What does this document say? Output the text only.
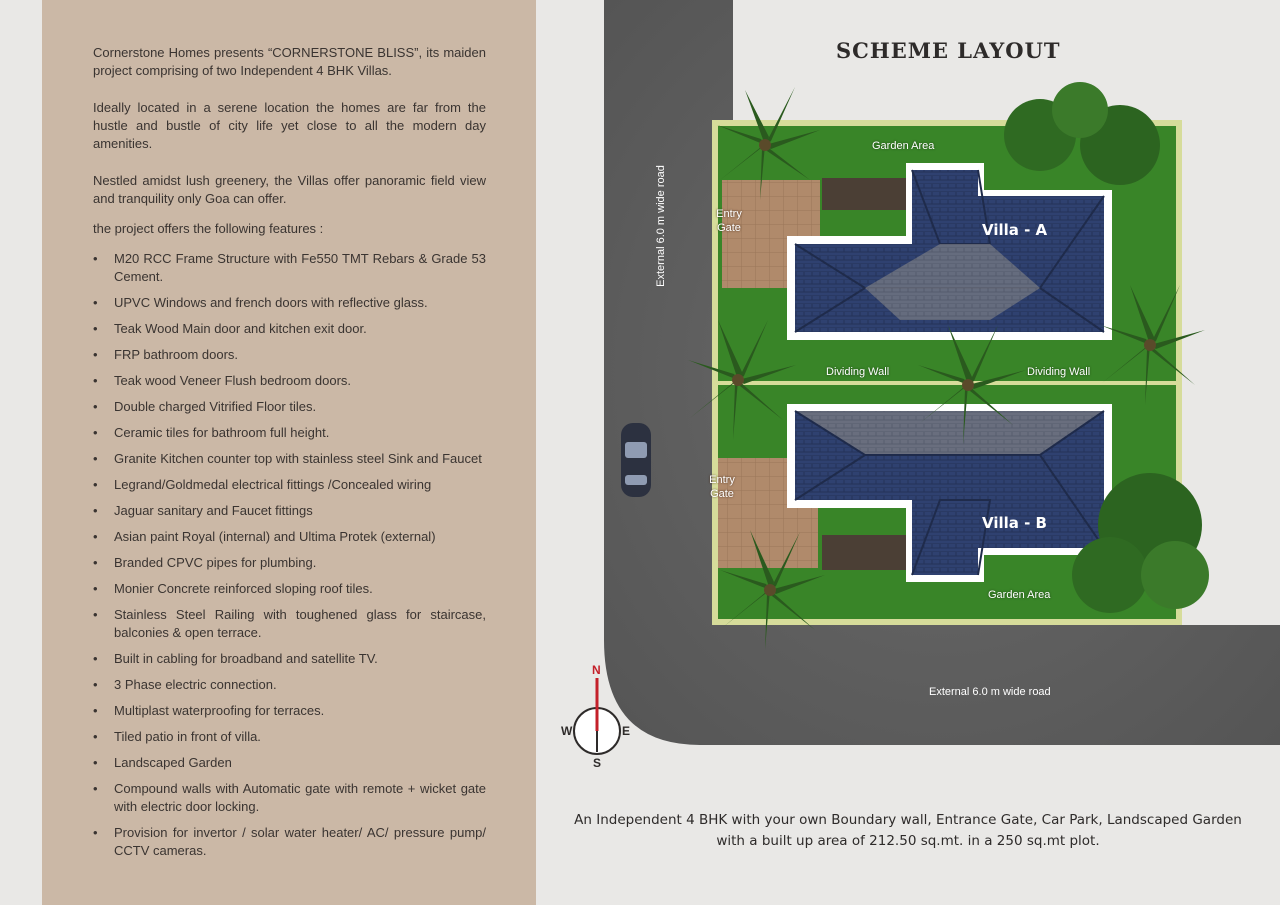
Cornerstone Homes presents “CORNERSTONE BLISS”, its maiden project comprising of two Independent 4 BHK Villas.

Ideally located in a serene location the homes are far from the hustle and bustle of city life yet close to all the modern day amenities.

Nestled amidst lush greenery, the Villas offer panoramic field view and tranquility only Goa can offer.

the project offers the following features :

• M20 RCC Frame Structure with Fe550 TMT Rebars & Grade 53 Cement.
• UPVC Windows and french doors with reflective glass.
• Teak Wood Main door and kitchen exit door.
• FRP bathroom doors.
• Teak wood Veneer Flush bedroom doors.
• Double charged Vitrified Floor tiles.
• Ceramic tiles for bathroom full height.
• Granite Kitchen counter top with stainless steel Sink and Faucet
• Legrand/Goldmedal electrical fittings /Concealed wiring
• Jaguar sanitary and Faucet fittings
• Asian paint Royal (internal) and Ultima Protek (external)
• Branded CPVC pipes for plumbing.
• Monier Concrete reinforced sloping roof tiles.
• Stainless Steel Railing with toughened glass for staircase, balconies & open terrace.
• Built in cabling for broadband and satellite TV.
• 3 Phase electric connection.
• Multiplast waterproofing for terraces.
• Tiled patio in front of villa.
• Landscaped Garden
• Compound walls with Automatic gate with remote + wicket gate with electric door locking.
• Provision for invertor / solar water heater/ AC/ pressure pump/ CCTV cameras.
SCHEME LAYOUT
Garden Area
Garden Area
Dividing Wall	Dividing Wall
Entry
Gate
Entry
Gate
Villa - A
Villa - B
External 6.0 m wide road
External 6.0 m wide road
N
S
E
W
An Independent 4 BHK with your own Boundary wall, Entrance Gate, Car Park, Landscaped Garden
with a built up area of 212.50 sq.mt. in a 250 sq.mt plot.
